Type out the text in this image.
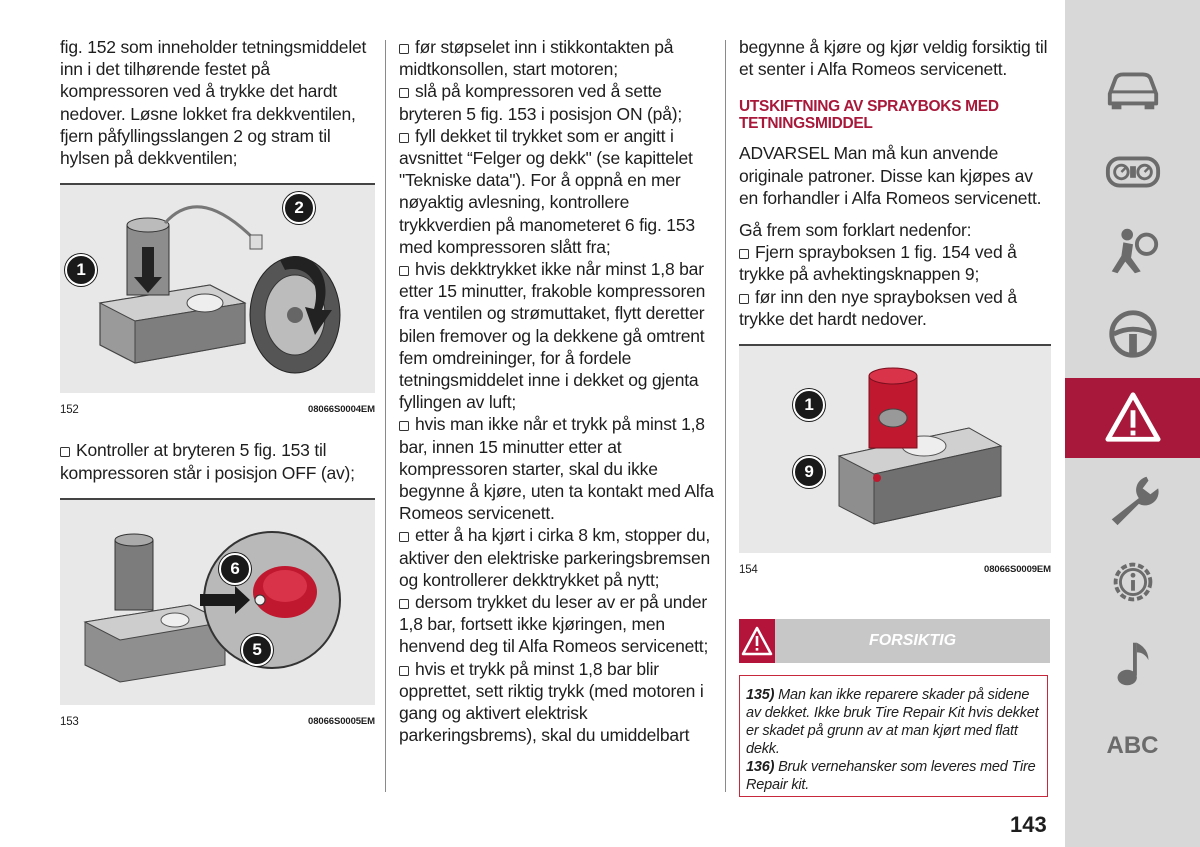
fig. 152 som inneholder tetningsmiddelet inn i det tilhørende festet på kompressoren ved å trykke det hardt nedover. Løsne lokket fra dekkventilen, fjern påfyllingsslangen 2 og stram til hylsen på dekkventilen;

1
2
152	08066S0004EM

Kontroller at bryteren 5 fig. 153 til kompressoren står i posisjon OFF (av);

6
5
153	08066S0005EM

før støpselet inn i stikkontakten på midtkonsollen, start motoren;

slå på kompressoren ved å sette bryteren 5 fig. 153 i posisjon ON (på);

fyll dekket til trykket som er angitt i avsnittet “Felger og dekk" (se kapittelet "Tekniske data"). For å oppnå en mer nøyaktig avlesning, kontrollere trykkverdien på manometeret 6 fig. 153 med kompressoren slått fra;

hvis dekktrykket ikke når minst 1,8 bar etter 15 minutter, frakoble kompressoren fra ventilen og strømuttaket, flytt deretter bilen fremover og la dekkene gå omtrent fem omdreininger, for å fordele tetningsmiddelet inne i dekket og gjenta fyllingen av luft;

hvis man ikke når et trykk på minst 1,8 bar, innen 15 minutter etter at kompressoren starter, skal du ikke begynne å kjøre, uten ta kontakt med Alfa Romeos servicenett.

etter å ha kjørt i cirka 8 km, stopper du, aktiver den elektriske parkeringsbremsen og kontrollerer dekktrykket på nytt;

dersom trykket du leser av er på under 1,8 bar, fortsett ikke kjøringen, men henvend deg til Alfa Romeos servicenett;

hvis et trykk på minst 1,8 bar blir opprettet, sett riktig trykk (med motoren i gang og aktivert elektrisk parkeringsbrems), skal du umiddelbart

begynne å kjøre og kjør veldig forsiktig til et senter i Alfa Romeos servicenett.

UTSKIFTNING AV SPRAYBOKS MED TETNINGSMIDDEL

ADVARSEL Man må kun anvende originale patroner. Disse kan kjøpes av en forhandler i Alfa Romeos servicenett.

Gå frem som forklart nedenfor:

Fjern sprayboksen 1 fig. 154 ved å trykke på avhektingsknappen 9;

før inn den nye sprayboksen ved å trykke det hardt nedover.

1
9
154	08066S0009EM
FORSIKTIG

135) Man kan ikke reparere skader på sidene av dekket. Ikke bruk Tire Repair Kit hvis dekket er skadet på grunn av at man kjørt med flatt dekk.

136) Bruk vernehansker som leveres med Tire Repair kit.

143
ABC
